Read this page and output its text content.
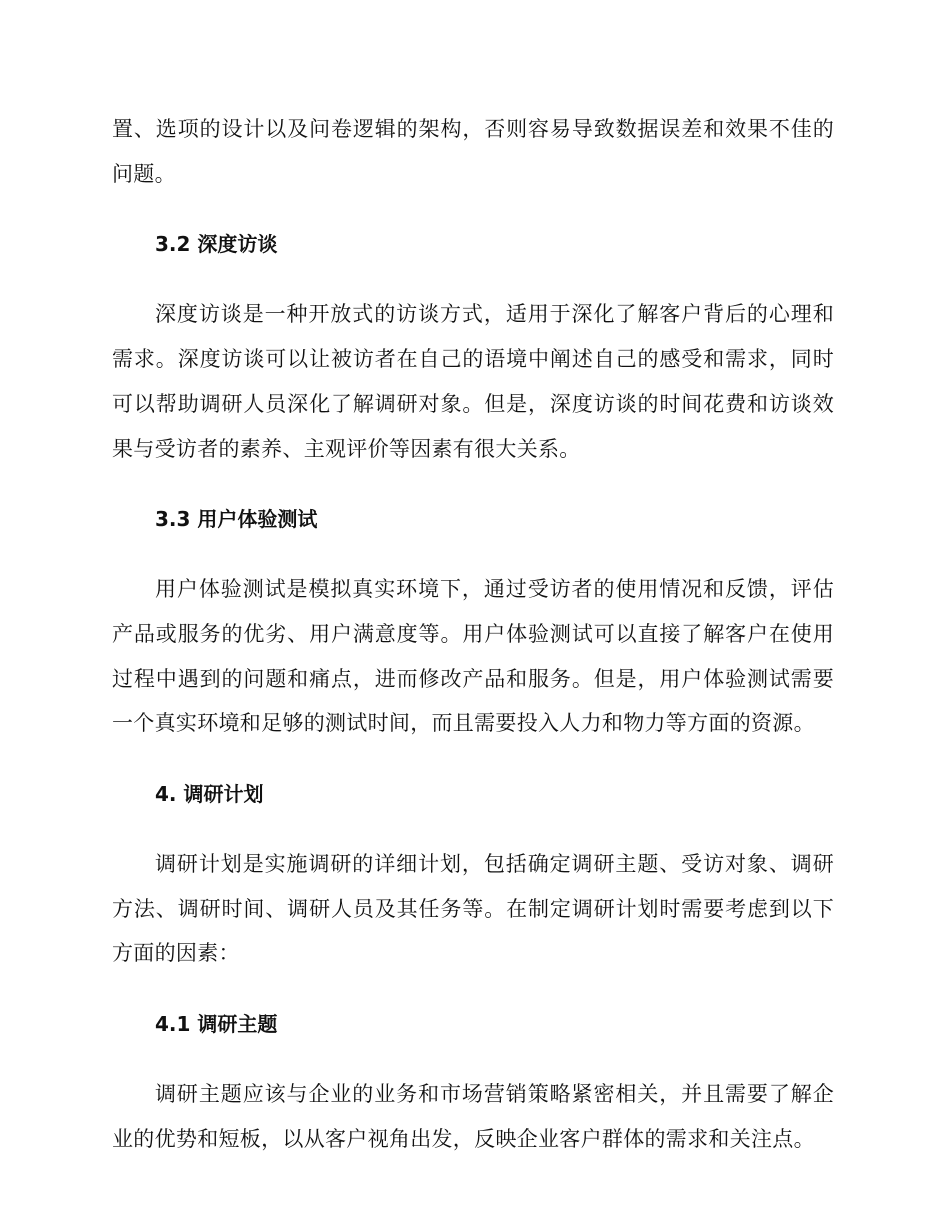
置、选项的设计以及问卷逻辑的架构，否则容易导致数据误差和效果不佳的问题。

3.2 深度访谈

深度访谈是一种开放式的访谈方式，适用于深化了解客户背后的心理和需求。深度访谈可以让被访者在自己的语境中阐述自己的感受和需求，同时可以帮助调研人员深化了解调研对象。但是，深度访谈的时间花费和访谈效果与受访者的素养、主观评价等因素有很大关系。

3.3 用户体验测试

用户体验测试是模拟真实环境下，通过受访者的使用情况和反馈，评估产品或服务的优劣、用户满意度等。用户体验测试可以直接了解客户在使用过程中遇到的问题和痛点，进而修改产品和服务。但是，用户体验测试需要一个真实环境和足够的测试时间，而且需要投入人力和物力等方面的资源。

4. 调研计划

调研计划是实施调研的详细计划，包括确定调研主题、受访对象、调研方法、调研时间、调研人员及其任务等。在制定调研计划时需要考虑到以下方面的因素：

4.1 调研主题

调研主题应该与企业的业务和市场营销策略紧密相关，并且需要了解企业的优势和短板，以从客户视角出发，反映企业客户群体的需求和关注点。
